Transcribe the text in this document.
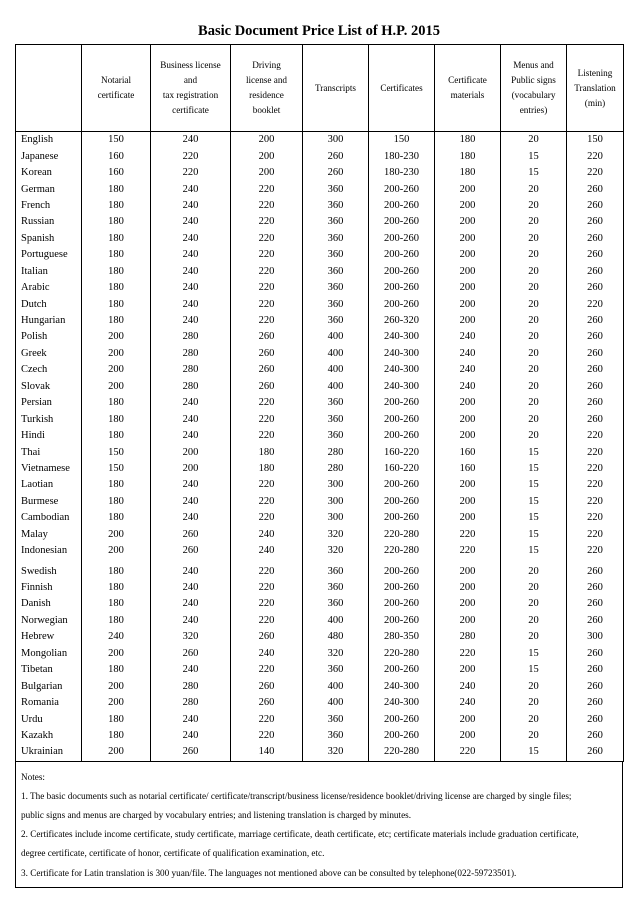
Basic Document Price List of H.P. 2015
	Notarial
certificate	Business license
and
tax registration
certificate	Driving
license and
residence
booklet	Transcripts	Certificates	Certificate
materials	Menus and
Public signs
(vocabulary
entries)	Listening
Translation
(min)
English	150	240	200	300	150	180	20	150
Japanese	160	220	200	260	180-230	180	15	220
Korean	160	220	200	260	180-230	180	15	220
German	180	240	220	360	200-260	200	20	260
French	180	240	220	360	200-260	200	20	260
Russian	180	240	220	360	200-260	200	20	260
Spanish	180	240	220	360	200-260	200	20	260
Portuguese	180	240	220	360	200-260	200	20	260
Italian	180	240	220	360	200-260	200	20	260
Arabic	180	240	220	360	200-260	200	20	260
Dutch	180	240	220	360	200-260	200	20	220
Hungarian	180	240	220	360	260-320	200	20	260
Polish	200	280	260	400	240-300	240	20	260
Greek	200	280	260	400	240-300	240	20	260
Czech	200	280	260	400	240-300	240	20	260
Slovak	200	280	260	400	240-300	240	20	260
Persian	180	240	220	360	200-260	200	20	260
Turkish	180	240	220	360	200-260	200	20	260
Hindi	180	240	220	360	200-260	200	20	220
Thai	150	200	180	280	160-220	160	15	220
Vietnamese	150	200	180	280	160-220	160	15	220
Laotian	180	240	220	300	200-260	200	15	220
Burmese	180	240	220	300	200-260	200	15	220
Cambodian	180	240	220	300	200-260	200	15	220
Malay	200	260	240	320	220-280	220	15	220
Indonesian	200	260	240	320	220-280	220	15	220
Swedish	180	240	220	360	200-260	200	20	260
Finnish	180	240	220	360	200-260	200	20	260
Danish	180	240	220	360	200-260	200	20	260
Norwegian	180	240	220	400	200-260	200	20	260
Hebrew	240	320	260	480	280-350	280	20	300
Mongolian	200	260	240	320	220-280	220	15	260
Tibetan	180	240	220	360	200-260	200	15	260
Bulgarian	200	280	260	400	240-300	240	20	260
Romania	200	280	260	400	240-300	240	20	260
Urdu	180	240	220	360	200-260	200	20	260
Kazakh	180	240	220	360	200-260	200	20	260
Ukrainian	200	260	140	320	220-280	220	15	260
Notes:
1. The basic documents such as notarial certificate/ certificate/transcript/business license/residence booklet/driving license are charged by single files;
public signs and menus are charged by vocabulary entries; and listening translation is charged by minutes.
2. Certificates include income certificate, study certificate, marriage certificate, death certificate, etc; certificate materials include graduation certificate,
degree certificate, certificate of honor, certificate of qualification examination, etc.
3. Certificate for Latin translation is 300 yuan/file. The languages not mentioned above can be consulted by telephone(022-59723501).
